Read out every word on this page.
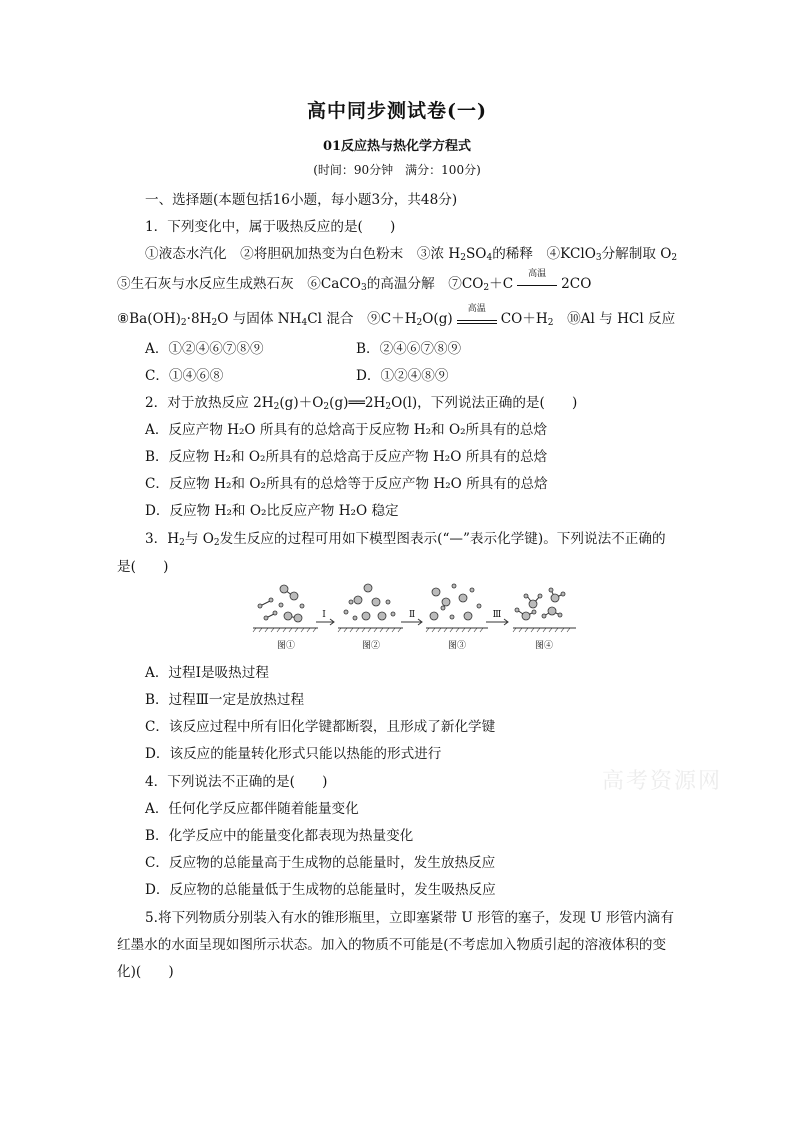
高中同步测试卷(一)
01反应热与热化学方程式
(时间：90分钟　满分：100分)
一、选择题(本题包括16小题，每小题3分，共48分)
1．下列变化中，属于吸热反应的是(　　)
①液态水汽化　②将胆矾加热变为白色粉末　③浓 $H_2SO_4$的稀释　④KClO$_3$分解制取 $O_2$
⑤生石灰与水反应生成熟石灰　⑥CaCO$_3$的高温分解　$⑦CO_2+C$
高温
2CO
$⑧Ba(OH)_2\cdot 8H_2O$ 与固体 $NH_4Cl$ 混合　$⑨C+H_2O(g)$
高温
$CO+H_2$　⑩Al 与 HCl 反应
A．①②④⑥⑦⑧⑨	B．②④⑥⑦⑧⑨
C．①④⑥⑧	D．①②④⑧⑨
2．对于放热反应 $2H_2(g)+O_2(g)══2H_2O(l)$，下列说法正确的是(　　)
A．反应产物 H₂O 所具有的总焓高于反应物 H₂和 O₂所具有的总焓
B．反应物 H₂和 O₂所具有的总焓高于反应产物 H₂O 所具有的总焓
C．反应物 H₂和 O₂所具有的总焓等于反应产物 H₂O 所具有的总焓
D．反应物 H₂和 O₂比反应产物 H₂O 稳定
3．$H_2$与 $O_2$发生反应的过程可用如下模型图表示(“—”表示化学键)。下列说法不正确的
是(　　)
Ⅰ	Ⅱ	Ⅲ
图①	图②	图③	图④
A．过程Ⅰ是吸热过程
B．过程Ⅲ一定是放热过程
C．该反应过程中所有旧化学键都断裂，且形成了新化学键
D．该反应的能量转化形式只能以热能的形式进行
高考资源网
4．下列说法不正确的是(　　)
A．任何化学反应都伴随着能量变化
B．化学反应中的能量变化都表现为热量变化
C．反应物的总能量高于生成物的总能量时，发生放热反应
D．反应物的总能量低于生成物的总能量时，发生吸热反应
5.将下列物质分别装入有水的锥形瓶里，立即塞紧带 U 形管的塞子，发现 U 形管内滴有
红墨水的水面呈现如图所示状态。加入的物质不可能是(不考虑加入物质引起的溶液体积的变
化)(　　)
